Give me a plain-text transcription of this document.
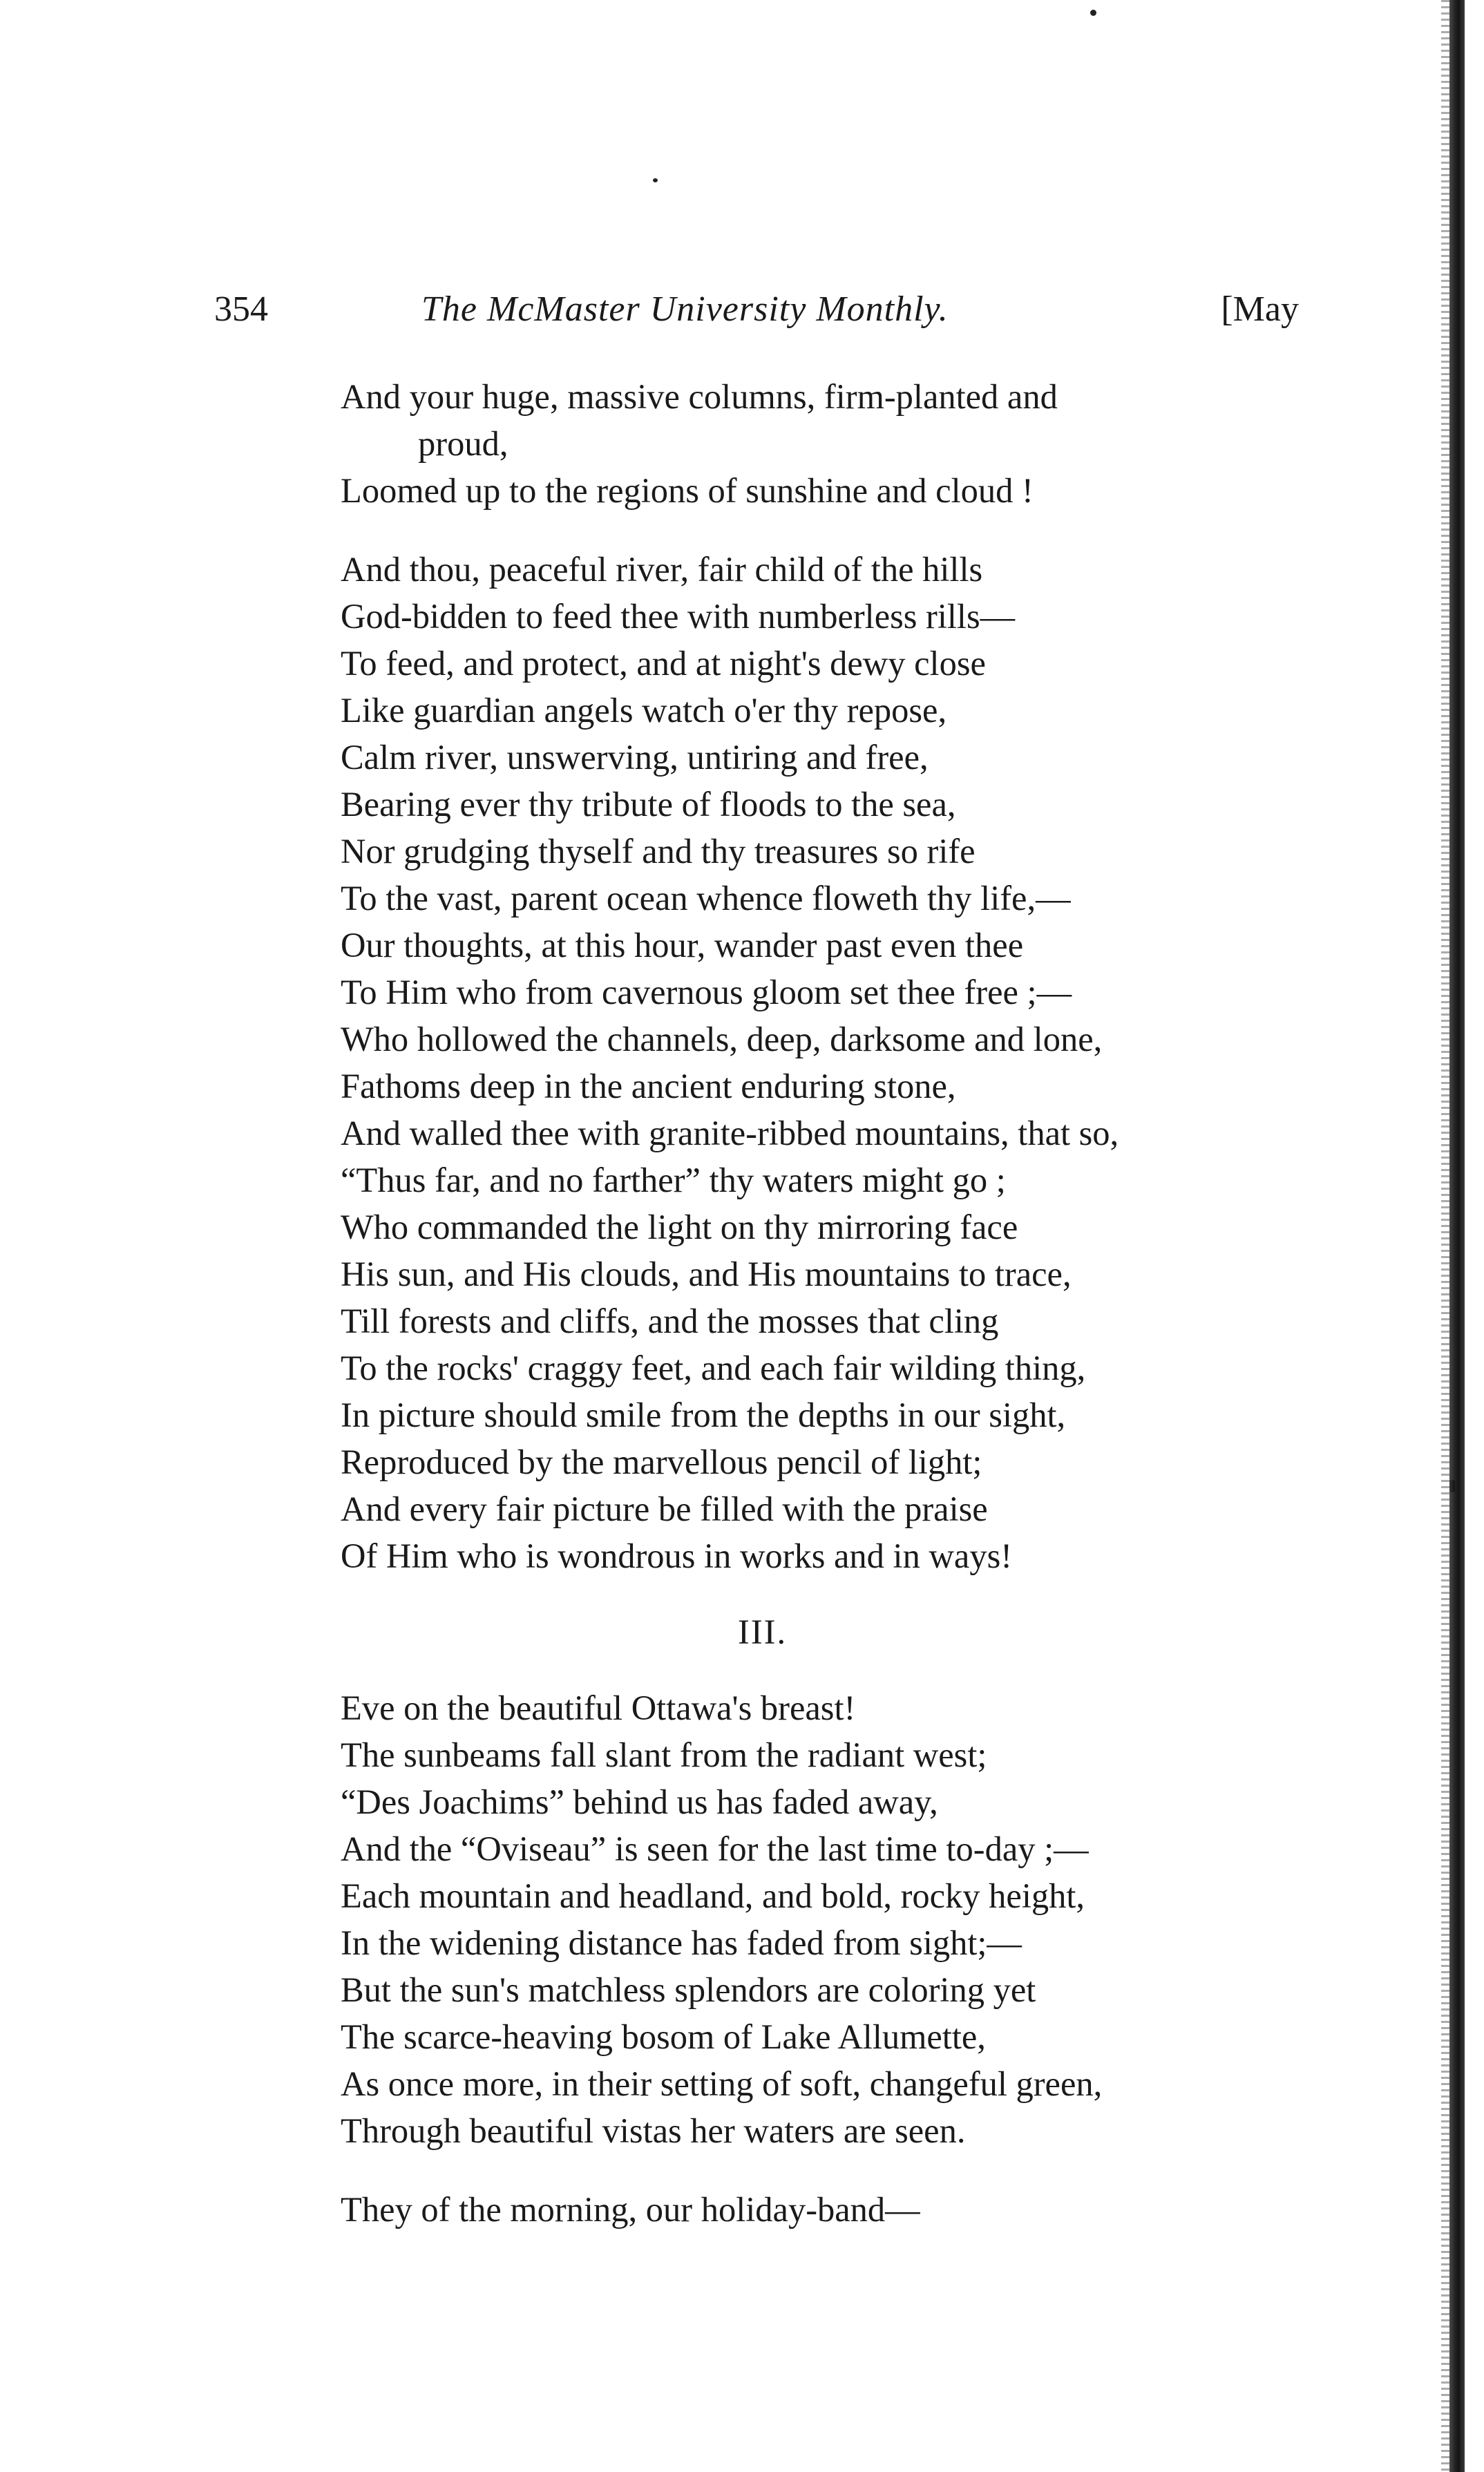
354	The McMaster University Monthly.	[May
And your huge, massive columns, firm-planted and
proud,
Loomed up to the regions of sunshine and cloud !
And thou, peaceful river, fair child of the hills
God-bidden to feed thee with numberless rills—
To feed, and protect, and at night's dewy close
Like guardian angels watch o'er thy repose,
Calm river, unswerving, untiring and free,
Bearing ever thy tribute of floods to the sea,
Nor grudging thyself and thy treasures so rife
To the vast, parent ocean whence floweth thy life,—
Our thoughts, at this hour, wander past even thee
To Him who from cavernous gloom set thee free ;—
Who hollowed the channels, deep, darksome and lone,
Fathoms deep in the ancient enduring stone,
And walled thee with granite-ribbed mountains, that so,
“Thus far, and no farther” thy waters might go ;
Who commanded the light on thy mirroring face
His sun, and His clouds, and His mountains to trace,
Till forests and cliffs, and the mosses that cling
To the rocks' craggy feet, and each fair wilding thing,
In picture should smile from the depths in our sight,
Reproduced by the marvellous pencil of light;
And every fair picture be filled with the praise
Of Him who is wondrous in works and in ways!
III.
Eve on the beautiful Ottawa's breast!
The sunbeams fall slant from the radiant west;
“Des Joachims” behind us has faded away,
And the “Oviseau” is seen for the last time to-day ;—
Each mountain and headland, and bold, rocky height,
In the widening distance has faded from sight;—
But the sun's matchless splendors are coloring yet
The scarce-heaving bosom of Lake Allumette,
As once more, in their setting of soft, changeful green,
Through beautiful vistas her waters are seen.
They of the morning, our holiday-band—
